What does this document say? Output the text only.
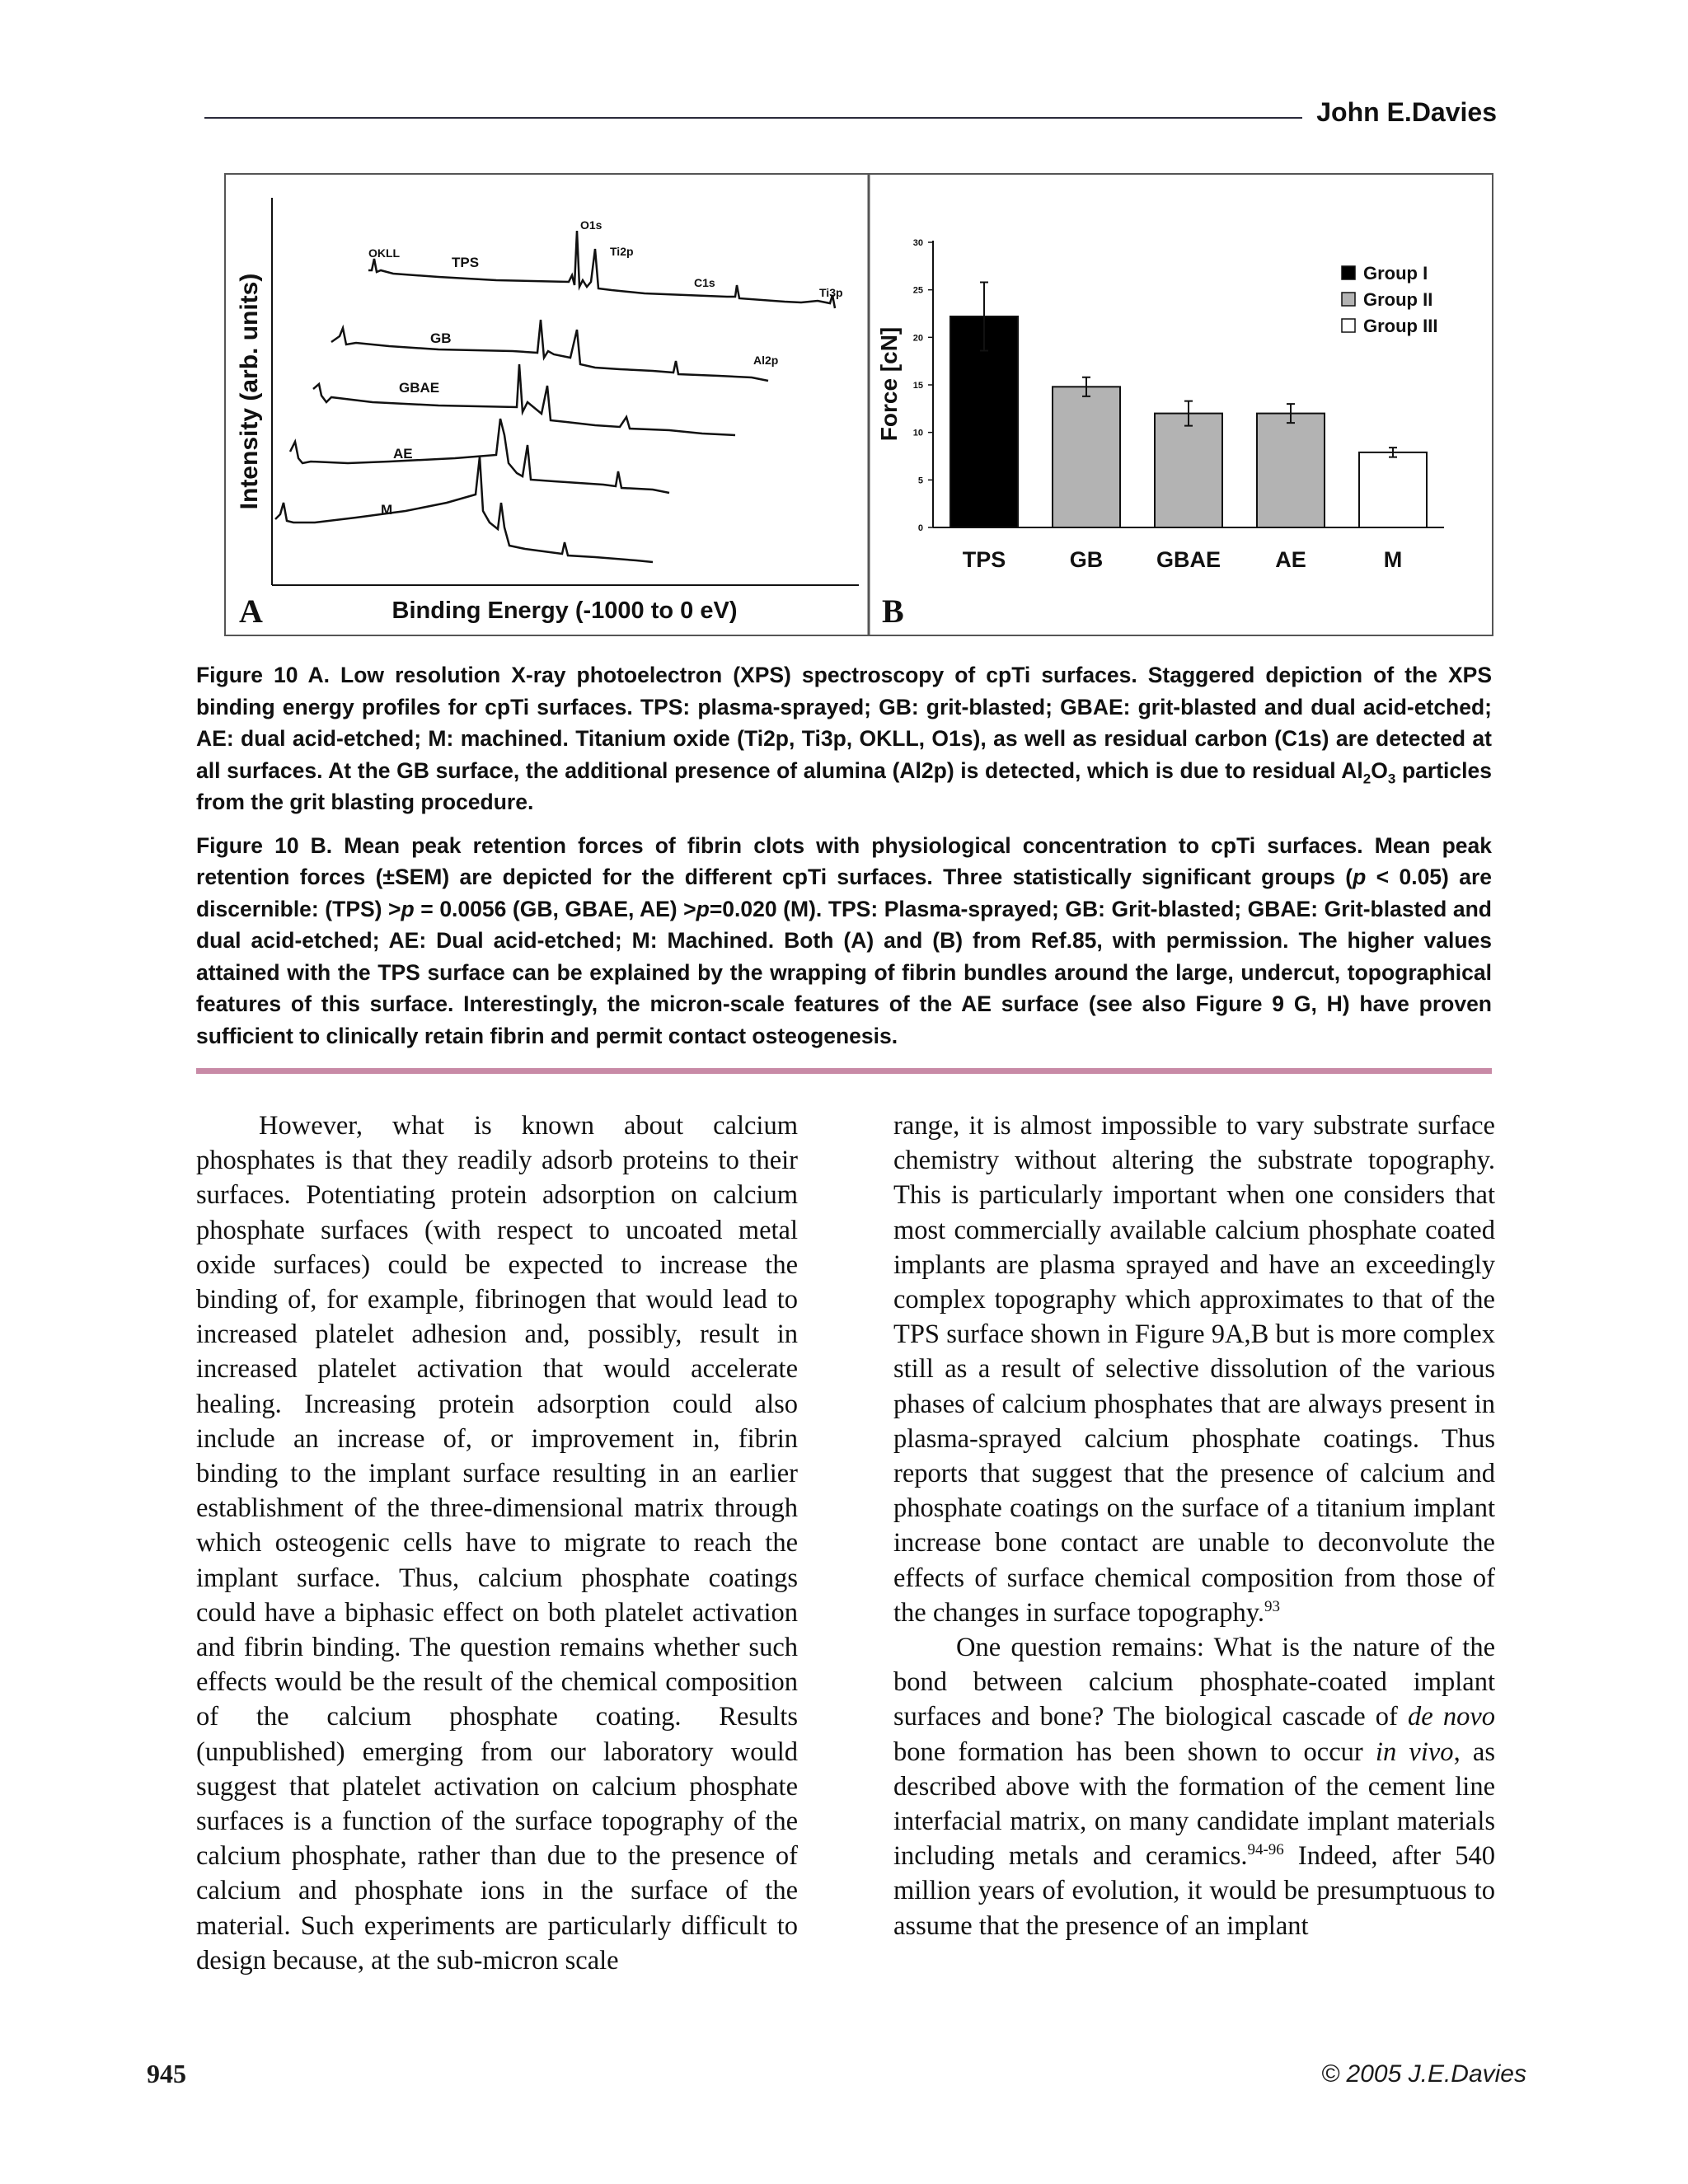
John E.Davies
Intensity (arb. units)
Binding Energy (-1000 to 0 eV)
A
TPS
GB
GBAE
AE
M
OKLL
O1s
Ti2p
C1s
Ti3p
Al2p	Force [cN]
B
0
5
10
15
20
25
30
TPS	GB GBAE AE	M
Group I
Group II
Group III

Figure 10 A. Low resolution X-ray photoelectron (XPS) spectroscopy of cpTi surfaces. Staggered depiction of the XPS binding energy profiles for cpTi surfaces. TPS: plasma-sprayed; GB: grit-blasted; GBAE: grit-blasted and dual acid-etched; AE: dual acid-etched; M: machined. Titanium oxide (Ti2p, Ti3p, OKLL, O1s), as well as residual carbon (C1s) are detected at all surfaces. At the GB surface, the additional presence of alumina (Al2p) is detected, which is due to residual $Al_2O_3$ particles from the grit blasting procedure.

Figure 10 B. Mean peak retention forces of fibrin clots with physiological concentration to cpTi surfaces. Mean peak retention forces (±SEM) are depicted for the different cpTi surfaces. Three statistically significant groups (p < 0.05) are discernible: (TPS) >p = 0.0056 (GB, GBAE, AE) >p=0.020 (M). TPS: Plasma-sprayed; GB: Grit-blasted; GBAE: Grit-blasted and dual acid-etched; AE: Dual acid-etched; M: Machined. Both (A) and (B) from Ref.85, with permission. The higher values attained with the TPS surface can be explained by the wrapping of fibrin bundles around the large, undercut, topographical features of this surface. Interestingly, the micron-scale features of the AE surface (see also Figure 9 G, H) have proven sufficient to clinically retain fibrin and permit contact osteogenesis.

However, what is known about calcium phosphates is that they readily adsorb proteins to their surfaces. Potentiating protein adsorption on calcium phosphate surfaces (with respect to uncoated metal oxide surfaces) could be expected to increase the binding of, for example, fibrinogen that would lead to increased platelet adhesion and, possibly, result in increased platelet activation that would accelerate healing. Increasing protein adsorption could also include an increase of, or improvement in, fibrin binding to the implant surface resulting in an earlier establishment of the three-dimensional matrix through which osteogenic cells have to migrate to reach the implant surface. Thus, calcium phosphate coatings could have a biphasic effect on both platelet activation and fibrin binding. The question remains whether such effects would be the result of the chemical composition of the calcium phosphate coating. Results (unpublished) emerging from our laboratory would suggest that platelet activation on calcium phosphate surfaces is a function of the surface topography of the calcium phosphate, rather than due to the presence of calcium and phosphate ions in the surface of the material. Such experiments are particularly difficult to design because, at the sub-micron scale

range, it is almost impossible to vary substrate surface chemistry without altering the substrate topography. This is particularly important when one considers that most commercially available calcium phosphate coated implants are plasma sprayed and have an exceedingly complex topography which approximates to that of the TPS surface shown in Figure 9A,B but is more complex still as a result of selective dissolution of the various phases of calcium phosphates that are always present in plasma-sprayed calcium phosphate coatings. Thus reports that suggest that the presence of calcium and phosphate coatings on the surface of a titanium implant increase bone contact are unable to deconvolute the effects of surface chemical composition from those of the changes in surface topography.$^{93}$

One question remains: What is the nature of the bond between calcium phosphate-coated implant surfaces and bone? The biological cascade of de novo bone formation has been shown to occur in vivo, as described above with the formation of the cement line interfacial matrix, on many candidate implant materials including metals and ceramics.$^{94-96}$ Indeed, after 540 million years of evolution, it would be presumptuous to assume that the presence of an implant

945	© 2005 J.E.Davies
